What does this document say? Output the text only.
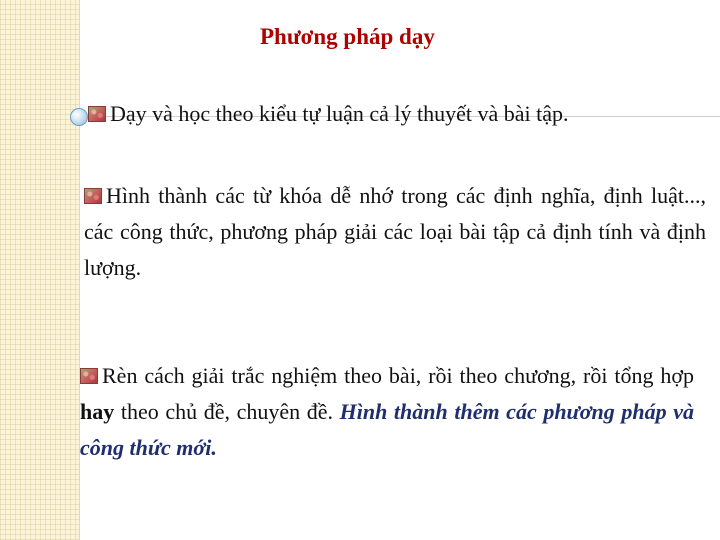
Phương pháp dạy
Dạy và học theo kiểu tự luận cả lý thuyết và bài tập.
Hình thành các từ khóa dễ nhớ trong các định nghĩa, định luật..., các công thức, phương pháp giải các loại bài tập cả định tính và định lượng.
Rèn cách giải trắc nghiệm theo bài, rồi theo chương, rồi tổng hợp hay theo chủ đề, chuyên đề. Hình thành thêm các phương pháp và công thức mới.
